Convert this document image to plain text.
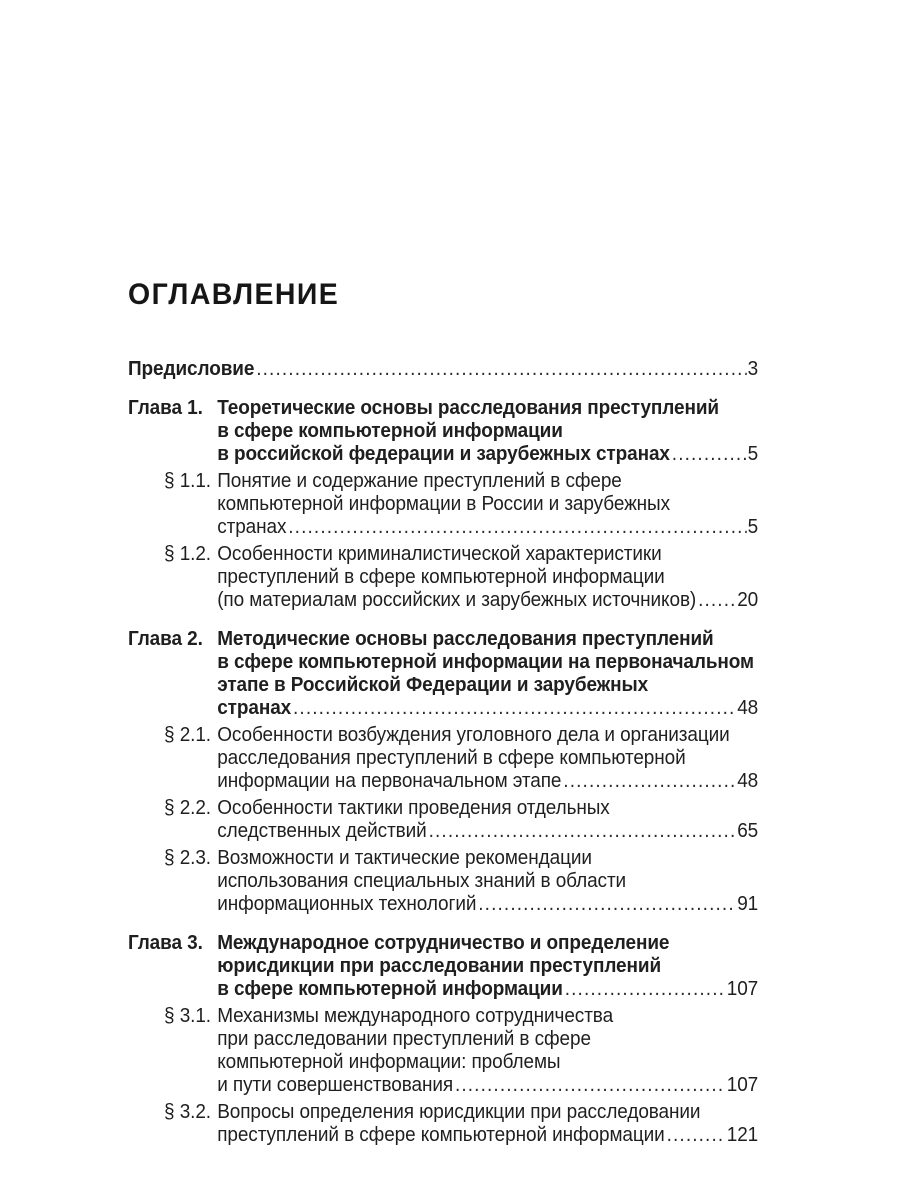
ОГЛАВЛЕНИЕ
Предисловие .....	3
Глава 1. Теоретические основы расследования преступлений
в сфере компьютерной информации
в российской федерации и зарубежных странах .....	5
§ 1.1. Понятие и содержание преступлений в сфере
компьютерной информации в России и зарубежных
странах .....	5
§ 1.2. Особенности криминалистической характеристики
преступлений в сфере компьютерной информации
(по материалам российских и зарубежных источников) ..... 20
Глава 2. Методические основы расследования преступлений
в сфере компьютерной информации на первоначальном
этапе в Российской Федерации и зарубежных
странах .....	48
§ 2.1. Особенности возбуждения уголовного дела и организации
расследования преступлений в сфере компьютерной
информации на первоначальном этапе .....	48
§ 2.2. Особенности тактики проведения отдельных
следственных действий .....	65
§ 2.3. Возможности и тактические рекомендации
использования специальных знаний в области
информационных технологий .....	91
Глава 3. Международное сотрудничество и определение
юрисдикции при расследовании преступлений
в сфере компьютерной информации .....	107
§ 3.1. Механизмы международного сотрудничества
при расследовании преступлений в сфере
компьютерной информации: проблемы
и пути совершенствования .....	107
§ 3.2. Вопросы определения юрисдикции при расследовании
преступлений в сфере компьютерной информации .....	121
